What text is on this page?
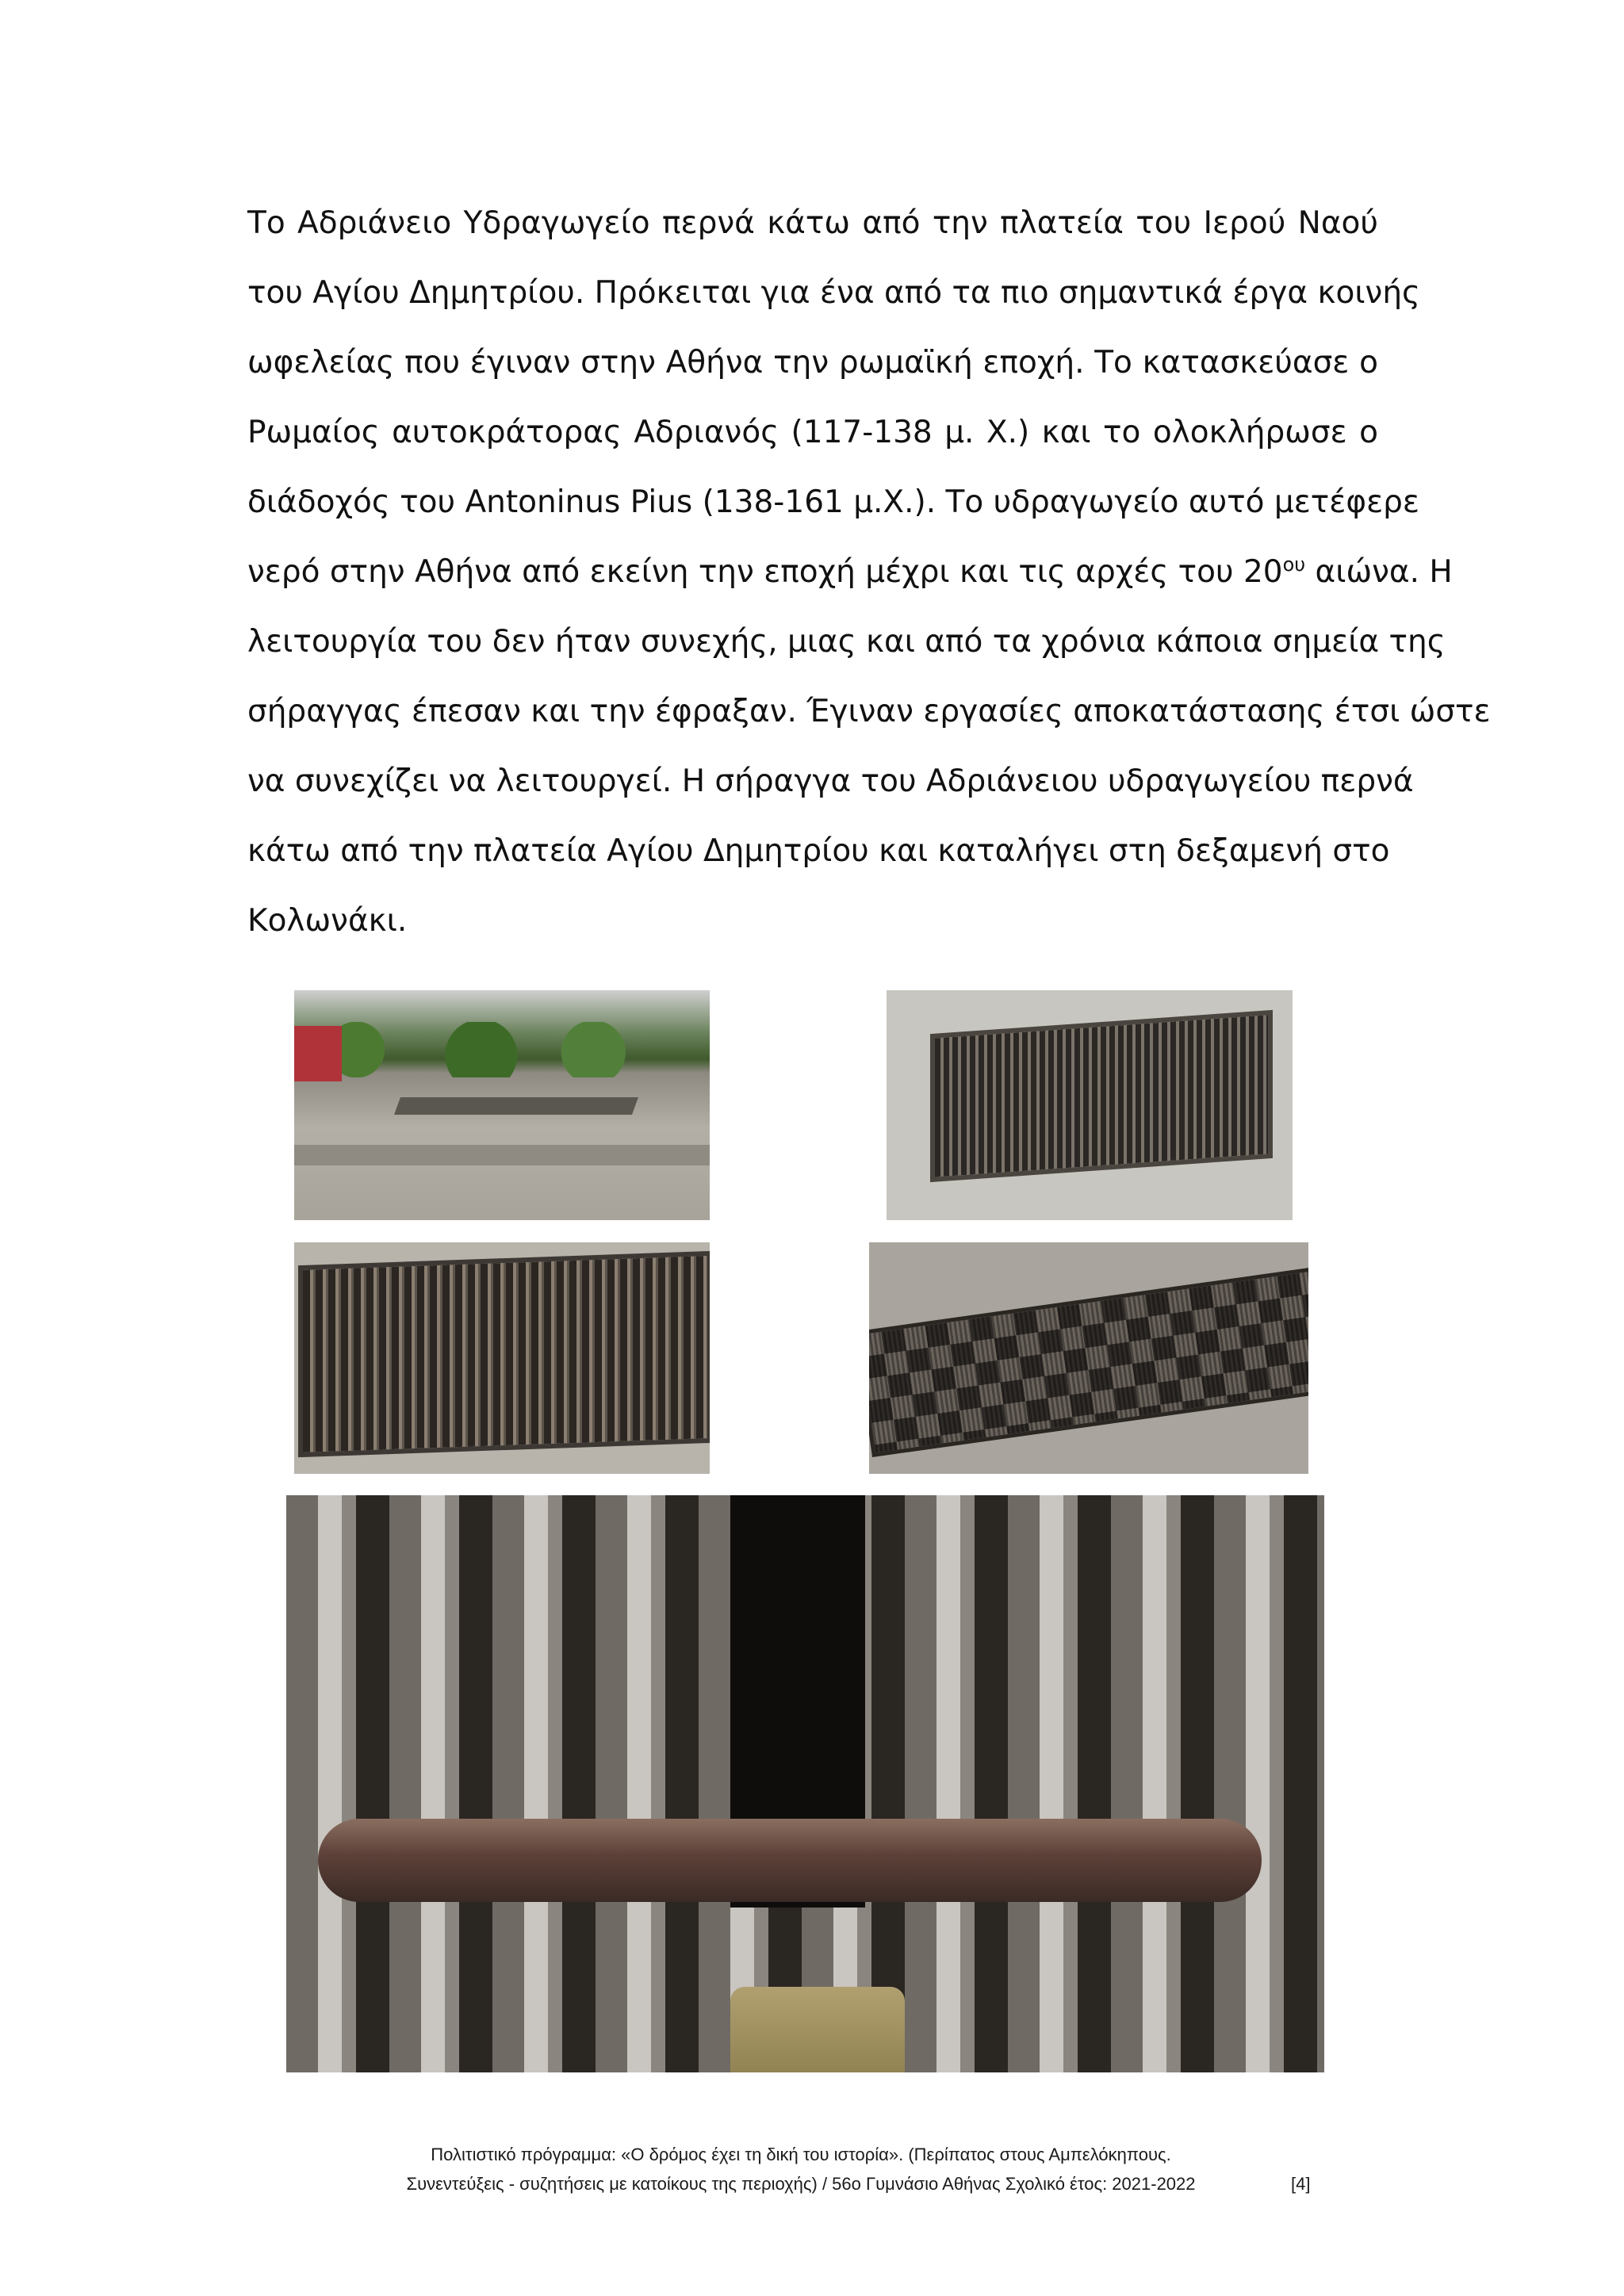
Το Αδριάνειο Υδραγωγείο περνά κάτω από την πλατεία του Ιερού Ναού
του Αγίου Δημητρίου. Πρόκειται για ένα από τα πιο σημαντικά έργα κοινής
ωφελείας που έγιναν στην Αθήνα την ρωμαϊκή εποχή. Το κατασκεύασε ο
Ρωμαίος αυτοκράτορας Αδριανός (117-138 μ. Χ.) και το ολοκλήρωσε ο
διάδοχός του Antoninus Pius (138-161 μ.Χ.). Το υδραγωγείο αυτό μετέφερε
νερό στην Αθήνα από εκείνη την εποχή μέχρι και τις αρχές του $20^{o\upsilon}$ αιώνα. Η
λειτουργία του δεν ήταν συνεχής, μιας και από τα χρόνια κάποια σημεία της
σήραγγας έπεσαν και την έφραξαν. Έγιναν εργασίες αποκατάστασης έτσι ώστε
να συνεχίζει να λειτουργεί. Η σήραγγα του Αδριάνειου υδραγωγείου περνά
κάτω από την πλατεία Αγίου Δημητρίου και καταλήγει στη δεξαμενή στο
Κολωνάκι.
Πολιτιστικό πρόγραμμα: «Ο δρόμος έχει τη δική του ιστορία». (Περίπατος στους Αμπελόκηπους.
Συνεντεύξεις - συζητήσεις με κατοίκους της περιοχής) / 56ο Γυμνάσιο Αθήνας Σχολικό έτος: 2021-2022	[4]
